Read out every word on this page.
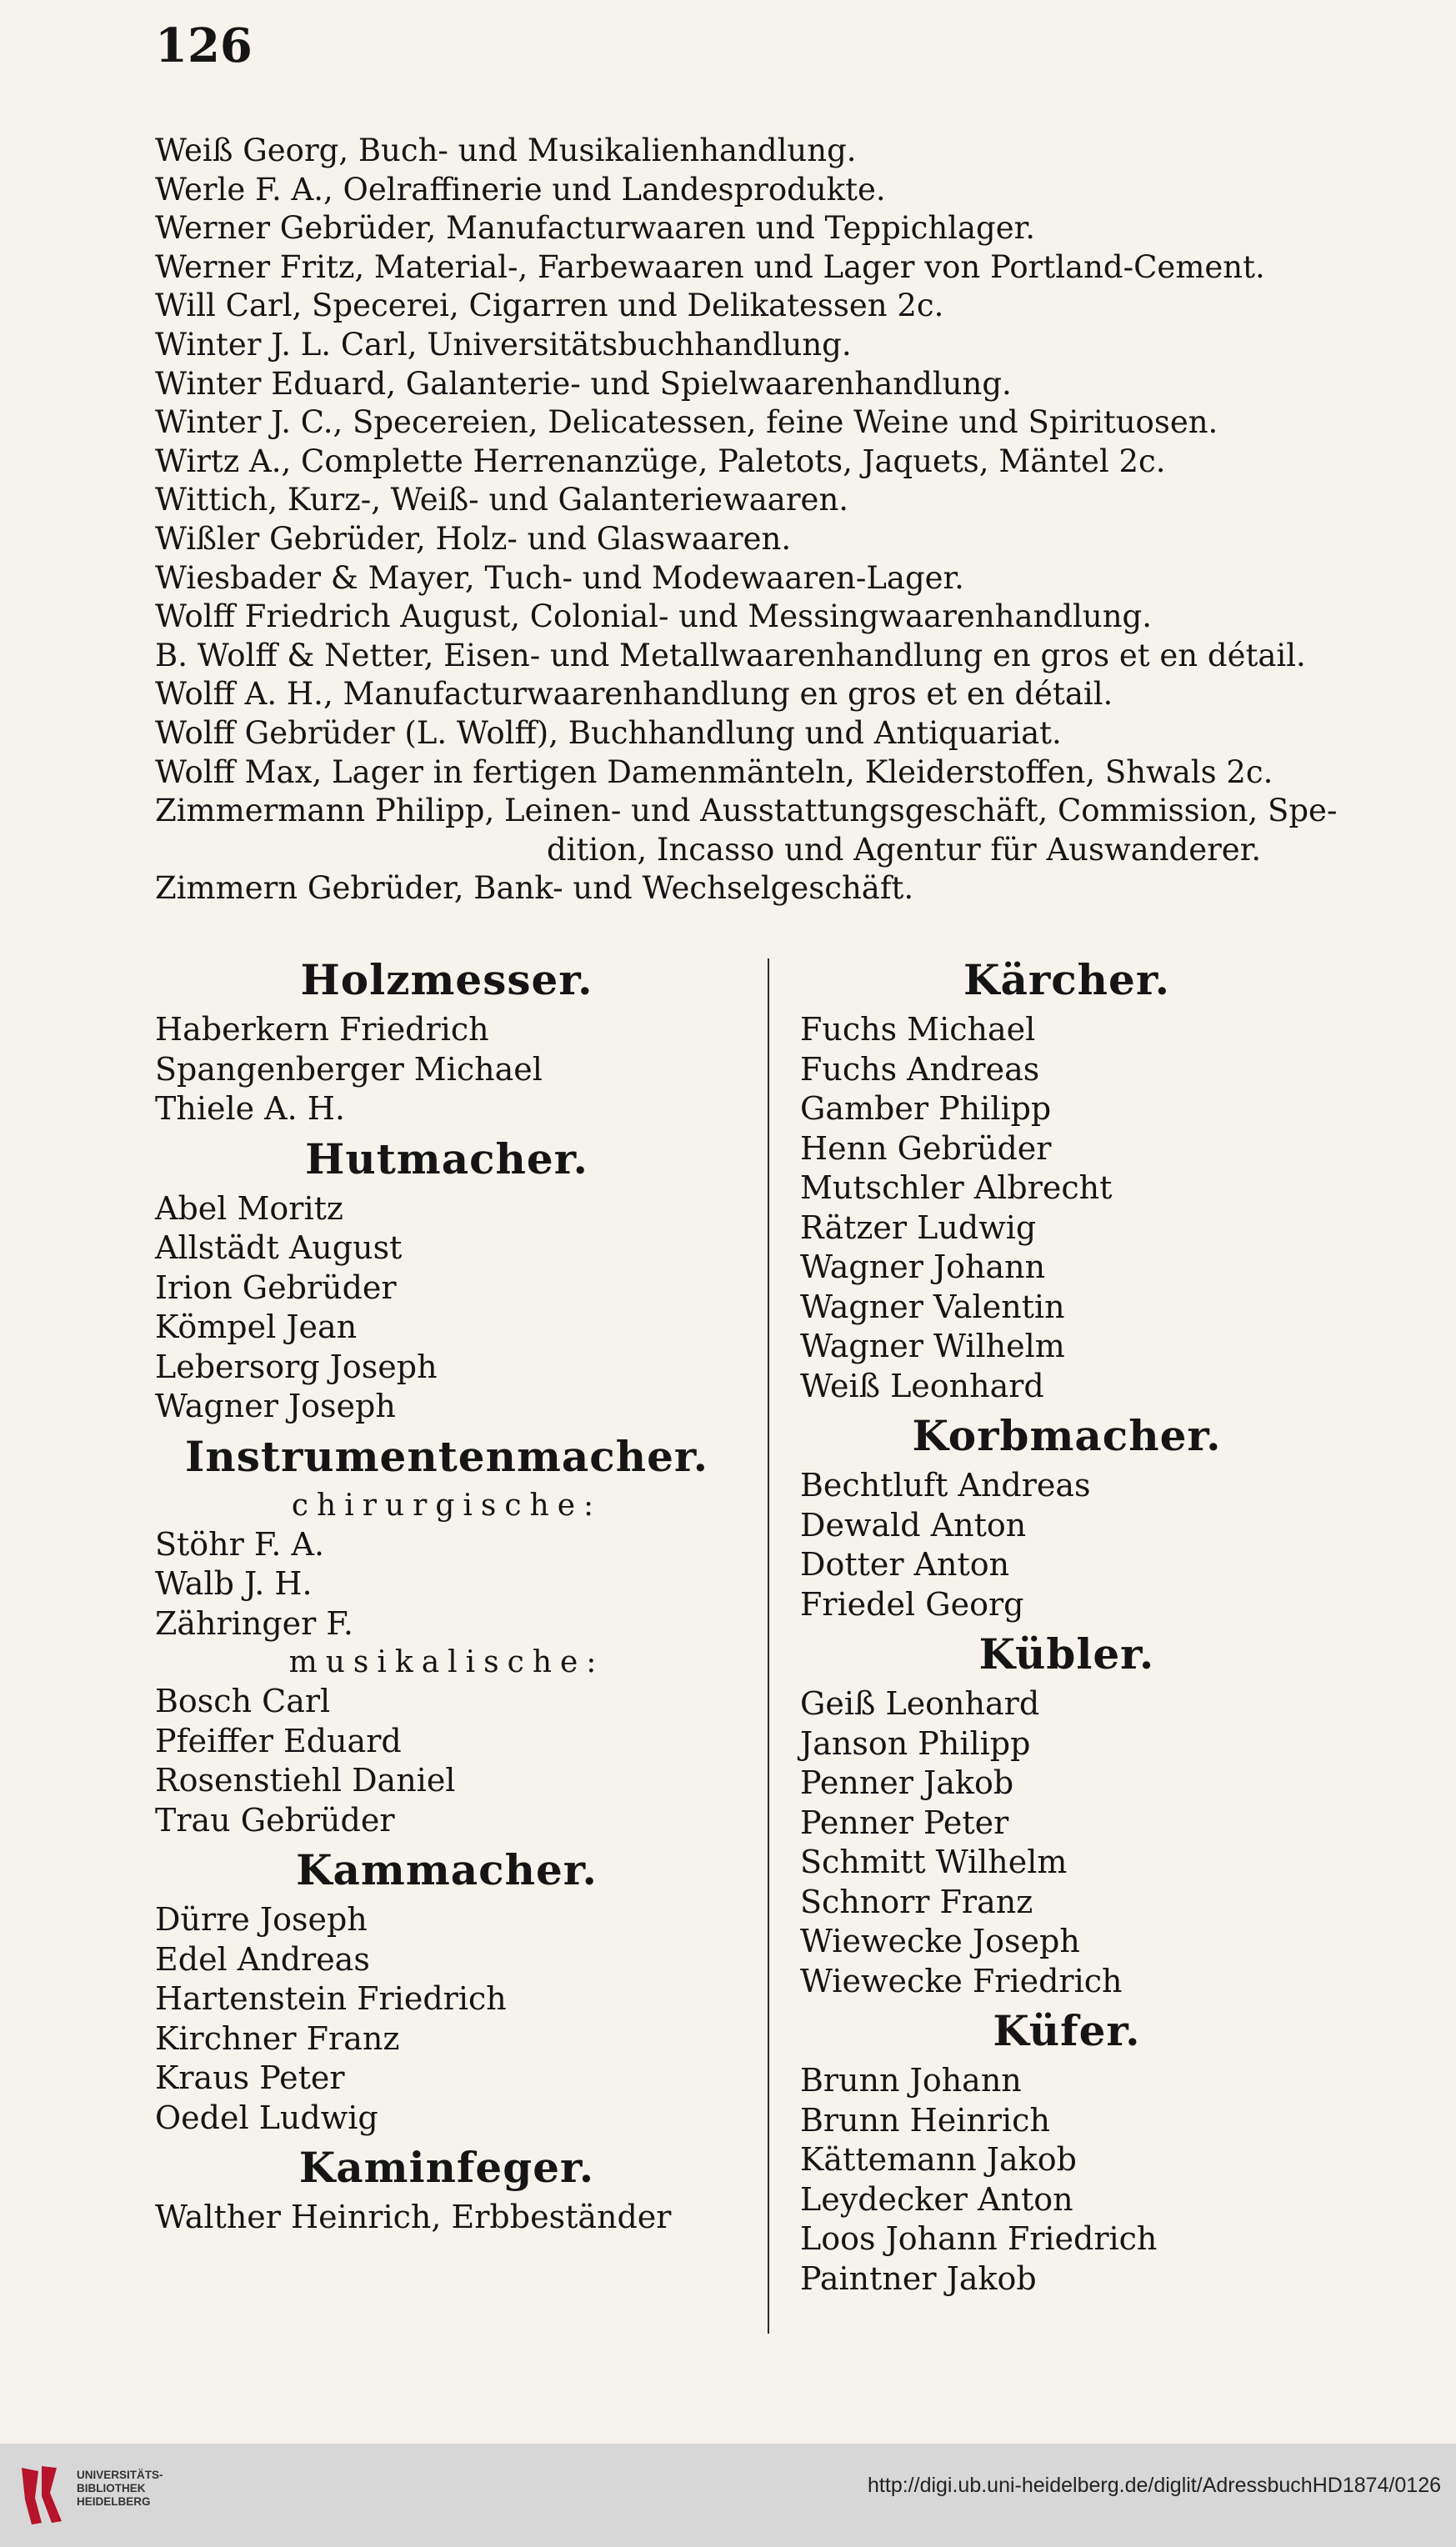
126
Weiß Georg, Buch- und Musikalienhandlung.
Werle F. A., Oelraffinerie und Landesprodukte.
Werner Gebrüder, Manufacturwaaren und Teppichlager.
Werner Fritz, Material-, Farbewaaren und Lager von Portland-Cement.
Will Carl, Specerei, Cigarren und Delikatessen 2c.
Winter J. L. Carl, Universitätsbuchhandlung.
Winter Eduard, Galanterie- und Spielwaarenhandlung.
Winter J. C., Specereien, Delicatessen, feine Weine und Spirituosen.
Wirtz A., Complette Herrenanzüge, Paletots, Jaquets, Mäntel 2c.
Wittich, Kurz-, Weiß- und Galanteriewaaren.
Wißler Gebrüder, Holz- und Glaswaaren.
Wiesbader & Mayer, Tuch- und Modewaaren-Lager.
Wolff Friedrich August, Colonial- und Messingwaarenhandlung.
B. Wolff & Netter, Eisen- und Metallwaarenhandlung en gros et en détail.
Wolff A. H., Manufacturwaarenhandlung en gros et en détail.
Wolff Gebrüder (L. Wolff), Buchhandlung und Antiquariat.
Wolff Max, Lager in fertigen Damenmänteln, Kleiderstoffen, Shwals 2c.
Zimmermann Philipp, Leinen- und Ausstattungsgeschäft, Commission, Spe-
dition, Incasso und Agentur für Auswanderer.
Zimmern Gebrüder, Bank- und Wechselgeschäft.
Holzmesser.
Haberkern Friedrich
Spangenberger Michael
Thiele A. H.
Hutmacher.
Abel Moritz
Allstädt August
Irion Gebrüder
Kömpel Jean
Lebersorg Joseph
Wagner Joseph
Instrumentenmacher.
chirurgische:
Stöhr F. A.
Walb J. H.
Zähringer F.
musikalische:
Bosch Carl
Pfeiffer Eduard
Rosenstiehl Daniel
Trau Gebrüder
Kammacher.
Dürre Joseph
Edel Andreas
Hartenstein Friedrich
Kirchner Franz
Kraus Peter
Oedel Ludwig
Kaminfeger.
Walther Heinrich, Erbbeständer
Kärcher.
Fuchs Michael
Fuchs Andreas
Gamber Philipp
Henn Gebrüder
Mutschler Albrecht
Rätzer Ludwig
Wagner Johann
Wagner Valentin
Wagner Wilhelm
Weiß Leonhard
Korbmacher.
Bechtluft Andreas
Dewald Anton
Dotter Anton
Friedel Georg
Kübler.
Geiß Leonhard
Janson Philipp
Penner Jakob
Penner Peter
Schmitt Wilhelm
Schnorr Franz
Wiewecke Joseph
Wiewecke Friedrich
Küfer.
Brunn Johann
Brunn Heinrich
Kättemann Jakob
Leydecker Anton
Loos Johann Friedrich
Paintner Jakob
UNIVERSITÄTS-
BIBLIOTHEK
HEIDELBERG
http://digi.ub.uni-heidelberg.de/diglit/AdressbuchHD1874/0126
